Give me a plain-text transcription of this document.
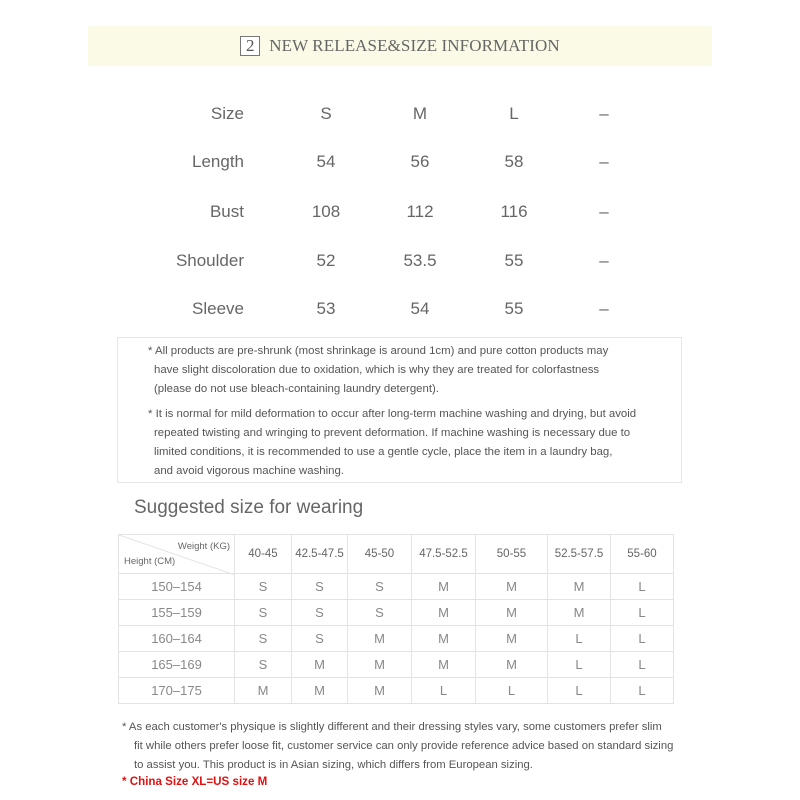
2 NEW RELEASE&SIZE INFORMATION
Size	S	M	L	–
Length	54	56	58	–
Bust	108	112	116	–
Shoulder	52	53.5	55	–
Sleeve	53	54	55	–
* All products are pre-shrunk (most shrinkage is around 1cm) and pure cotton products may
have slight discoloration due to oxidation, which is why they are treated for colorfastness
(please do not use bleach-containing laundry detergent).
* It is normal for mild deformation to occur after long-term machine washing and drying, but avoid
repeated twisting and wringing to prevent deformation. If machine washing is necessary due to
limited conditions, it is recommended to use a gentle cycle, place the item in a laundry bag,
and avoid vigorous machine washing.
Suggested size for wearing
Weight (KG)
Height (CM)	40-45	42.5-47.5	45-50	47.5-52.5	50-55	52.5-57.5	55-60
150–154	S	S	S	M	M	M	L
155–159	S	S	S	M	M	M	L
160–164	S	S	M	M	M	L	L
165–169	S	M	M	M	M	L	L
170–175	M	M	M	L	L	L	L
* As each customer's physique is slightly different and their dressing styles vary, some customers prefer slim
fit while others prefer loose fit, customer service can only provide reference advice based on standard sizing
to assist you. This product is in Asian sizing, which differs from European sizing.
* China Size XL=US size M
